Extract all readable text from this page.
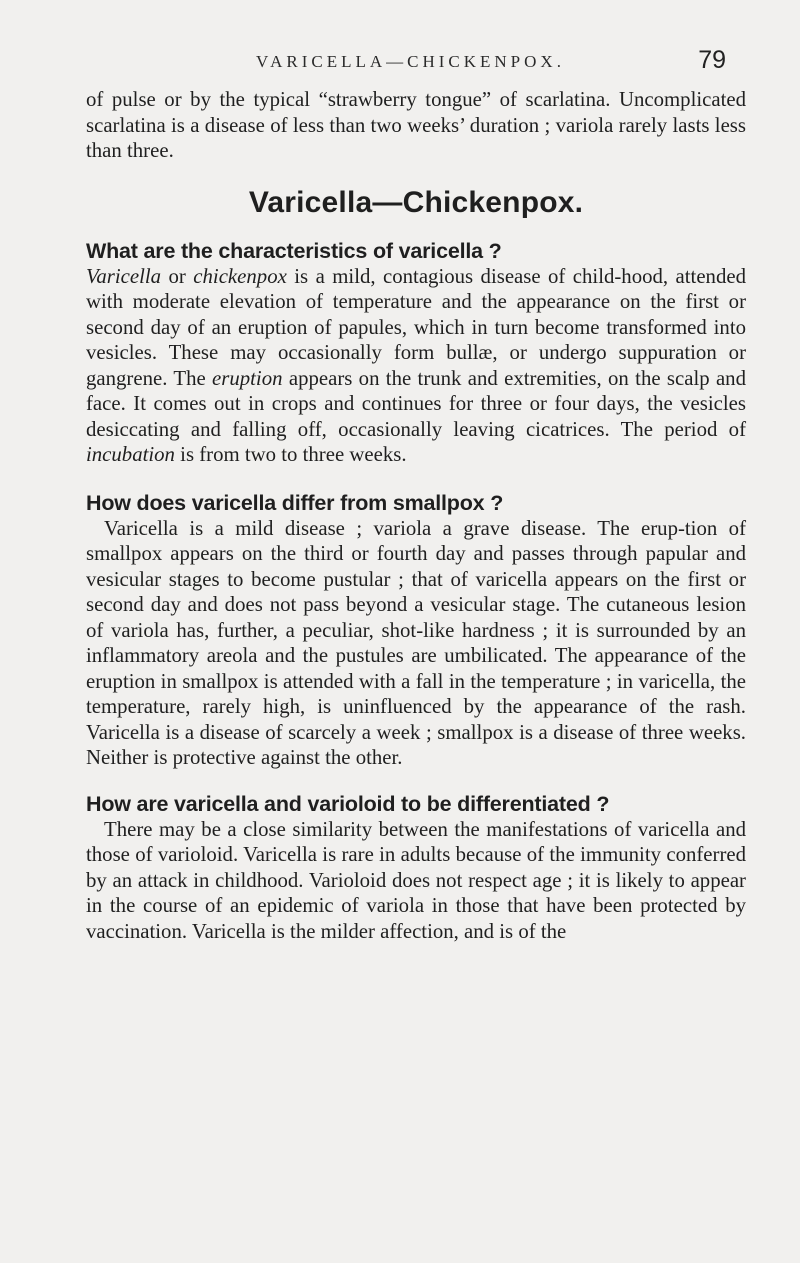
VARICELLA—CHICKENPOX.	79

of pulse or by the typical “strawberry tongue” of scarlatina. Uncomplicated scarlatina is a disease of less than two weeks’ duration ; variola rarely lasts less than three.

Varicella—Chickenpox.
What are the characteristics of varicella ?

Varicella or chickenpox is a mild, contagious disease of child-hood, attended with moderate elevation of temperature and the appearance on the first or second day of an eruption of papules, which in turn become transformed into vesicles. These may occasionally form bullæ, or undergo suppuration or gangrene. The eruption appears on the trunk and extremities, on the scalp and face. It comes out in crops and continues for three or four days, the vesicles desiccating and falling off, occasionally leaving cicatrices. The period of incubation is from two to three weeks.

How does varicella differ from smallpox ?

Varicella is a mild disease ; variola a grave disease. The erup-tion of smallpox appears on the third or fourth day and passes through papular and vesicular stages to become pustular ; that of varicella appears on the first or second day and does not pass beyond a vesicular stage. The cutaneous lesion of variola has, further, a peculiar, shot-like hardness ; it is surrounded by an inflammatory areola and the pustules are umbilicated. The appearance of the eruption in smallpox is attended with a fall in the temperature ; in varicella, the temperature, rarely high, is uninfluenced by the appearance of the rash. Varicella is a disease of scarcely a week ; smallpox is a disease of three weeks. Neither is protective against the other.

How are varicella and varioloid to be differentiated ?

There may be a close similarity between the manifestations of varicella and those of varioloid. Varicella is rare in adults because of the immunity conferred by an attack in childhood. Varioloid does not respect age ; it is likely to appear in the course of an epidemic of variola in those that have been protected by vaccination. Varicella is the milder affection, and is of the
